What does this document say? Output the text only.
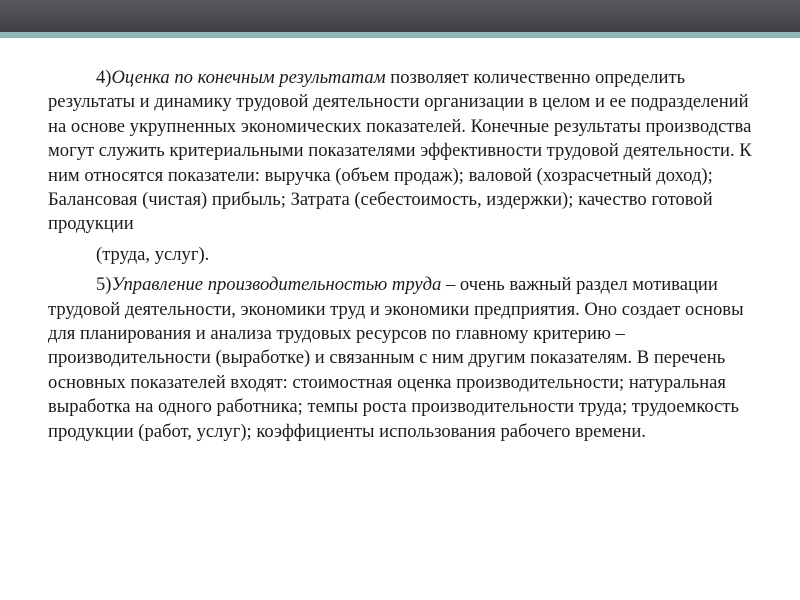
4)Оценка по конечным результатам позволяет количественно определить результаты и динамику трудовой деятельности организации в целом и ее подразделений на основе укрупненных экономических показателей. Конечные результаты производства могут служить критериальными показателями эффективности трудовой деятельности. К ним относятся показатели: выручка (объем продаж); валовой (хозрасчетный доход); Балансовая (чистая) прибыль; Затрата (себестоимость, издержки); качество готовой продукции

(труда, услуг).

5)Управление производительностью труда – очень важный раздел мотивации трудовой деятельности, экономики труд и экономики предприятия. Оно создает основы для планирования и анализа трудовых ресурсов по главному критерию – производительности (выработке) и связанным с ним другим показателям. В перечень основных показателей входят: стоимостная оценка производительности; натуральная выработка на одного работника; темпы роста производительности труда; трудоемкость продукции (работ, услуг); коэффициенты использования рабочего времени.
